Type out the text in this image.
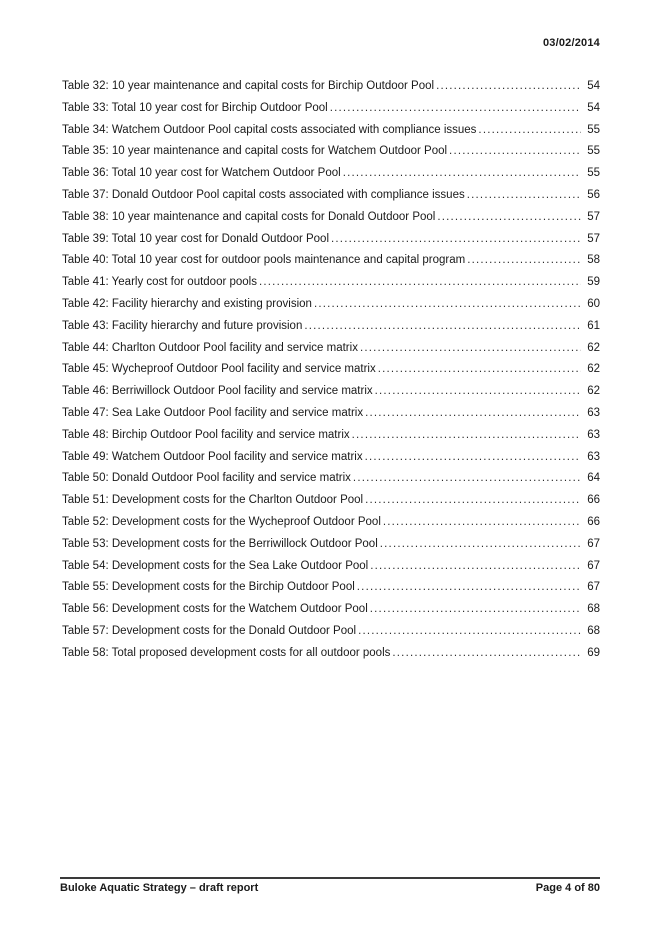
03/02/2014
Table 32: 10 year maintenance and capital costs for Birchip Outdoor Pool .....	54
Table 33: Total 10 year cost for Birchip Outdoor Pool .....	54
Table 34: Watchem Outdoor Pool capital costs associated with compliance issues .....	55
Table 35: 10 year maintenance and capital costs for Watchem Outdoor Pool .....	55
Table 36: Total 10 year cost for Watchem Outdoor Pool .....	55
Table 37: Donald Outdoor Pool capital costs associated with compliance issues .....	56
Table 38: 10 year maintenance and capital costs for Donald Outdoor Pool .....	57
Table 39: Total 10 year cost for Donald Outdoor Pool .....	57
Table 40: Total 10 year cost for outdoor pools maintenance and capital program .....	58
Table 41: Yearly cost for outdoor pools .....	59
Table 42: Facility hierarchy and existing provision .....	60
Table 43: Facility hierarchy and future provision .....	61
Table 44: Charlton Outdoor Pool facility and service matrix .....	62
Table 45: Wycheproof Outdoor Pool facility and service matrix .....	62
Table 46: Berriwillock Outdoor Pool facility and service matrix .....	62
Table 47: Sea Lake Outdoor Pool facility and service matrix .....	63
Table 48: Birchip Outdoor Pool facility and service matrix .....	63
Table 49: Watchem Outdoor Pool facility and service matrix .....	63
Table 50: Donald Outdoor Pool facility and service matrix .....	64
Table 51: Development costs for the Charlton Outdoor Pool .....	66
Table 52: Development costs for the Wycheproof Outdoor Pool .....	66
Table 53: Development costs for the Berriwillock Outdoor Pool .....	67
Table 54: Development costs for the Sea Lake Outdoor Pool .....	67
Table 55: Development costs for the Birchip Outdoor Pool .....	67
Table 56: Development costs for the Watchem Outdoor Pool .....	68
Table 57: Development costs for the Donald Outdoor Pool .....	68
Table 58: Total proposed development costs for all outdoor pools .....	69
Buloke Aquatic Strategy – draft report	Page 4 of 80
